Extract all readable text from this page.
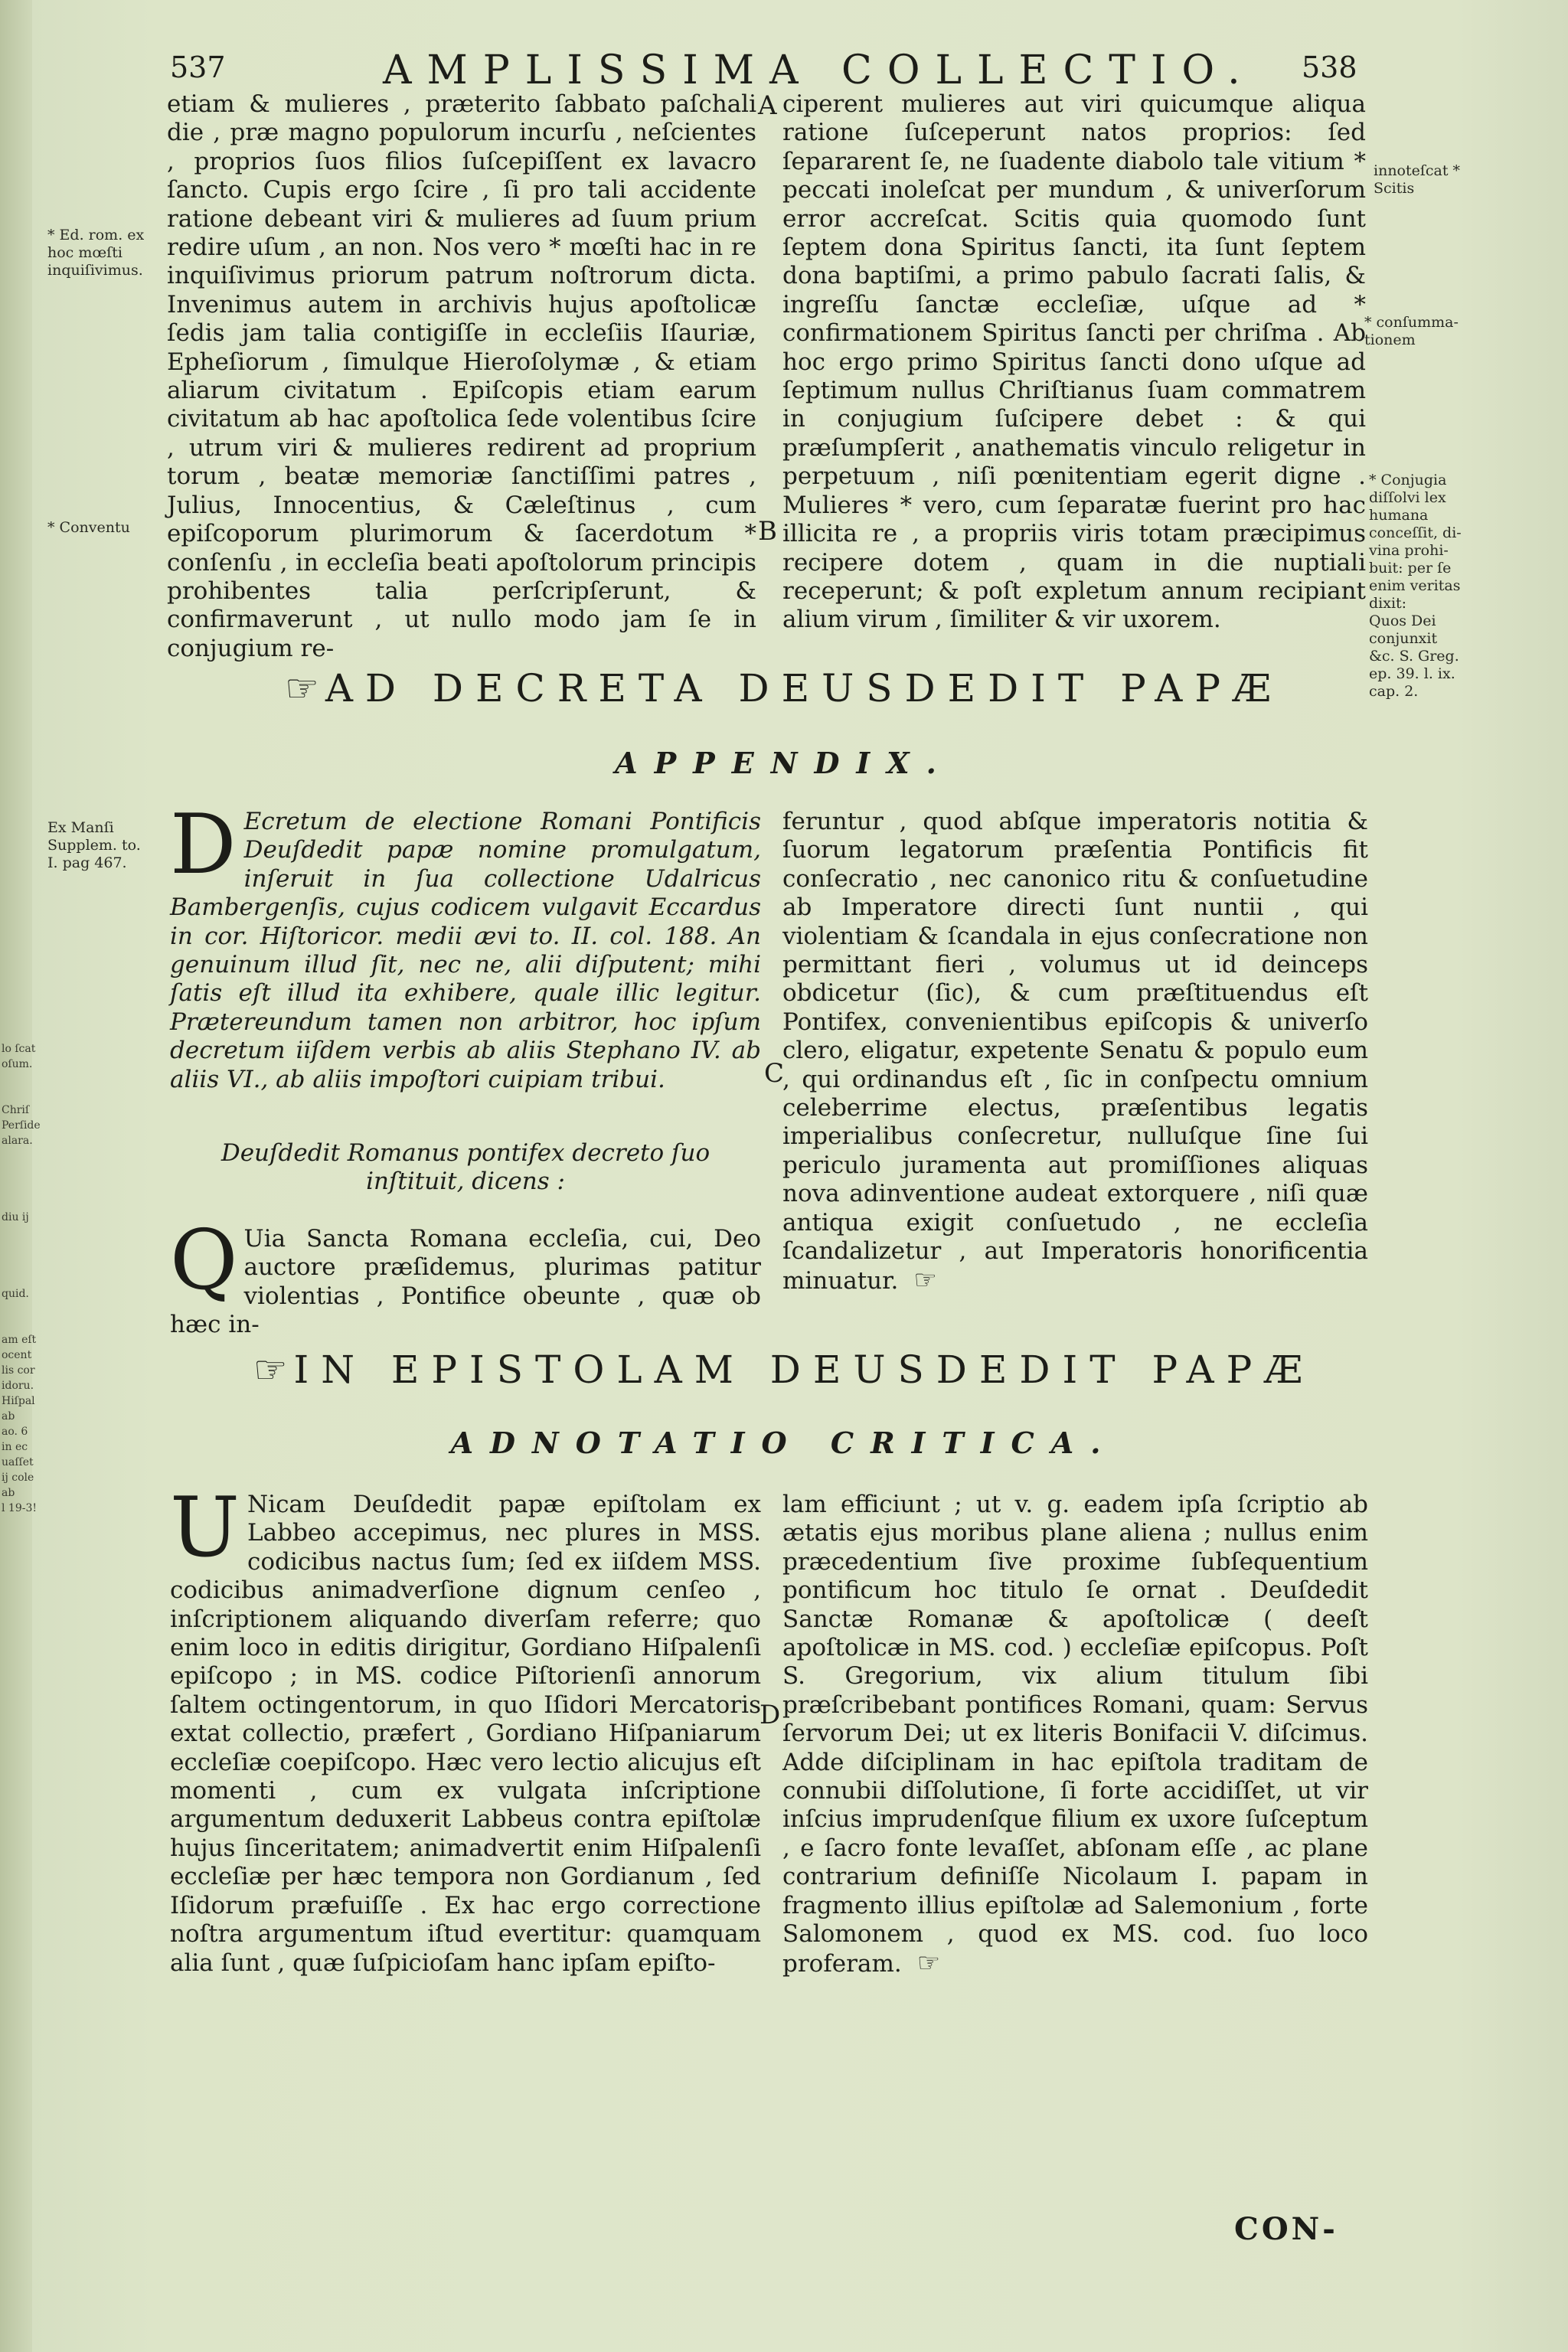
lo ſcat
oſum.

Chriſ
Perſide
alara.

diu ij

quid.

am eſt
ocent
lis cor
idoru.
Hiſpal
ab
ao. 6
in ec
uaſſet
ij cole
ab
l 19-3!
537	AMPLISSIMA COLLECTIO. 538

etiam & mulieres , præterito ſabbato paſchali die , præ magno populorum incurſu , neſcientes , proprios ſuos filios ſuſcepiſſent ex lavacro ſancto. Cupis ergo ſcire , ſi pro tali accidente ratione debeant viri & mulieres ad ſuum prium redire uſum , an non. Nos vero * mœſti hac in re inquiſivimus priorum patrum noſtrorum dicta. Invenimus autem in archivis hujus apoſtolicæ ſedis jam talia contigiſſe in eccleſiis Iſauriæ, Epheſiorum , ſimulque Hieroſolymæ , & etiam aliarum civitatum . Epiſcopis etiam earum civitatum ab hac apoſtolica ſede volentibus ſcire , utrum viri & mulieres redirent ad proprium torum , beatæ memoriæ ſanctiſſimi patres , Julius, Innocentius, & Cæleſtinus , cum epiſcoporum plurimorum & ſacerdotum * conſenſu , in eccleſia beati apoſtolorum principis prohibentes talia perſcripſerunt, & confirmaverunt , ut nullo modo jam ſe in conjugium re-

ciperent mulieres aut viri quicumque aliqua ratione ſuſceperunt natos proprios: ſed ſepararent ſe, ne ſuadente diabolo tale vitium * peccati inoleſcat per mundum , & univerſorum error accreſcat. Scitis quia quomodo ſunt ſeptem dona Spiritus ſancti, ita ſunt ſeptem dona baptiſmi, a primo pabulo ſacrati ſalis, & ingreſſu ſanctæ eccleſiæ, uſque ad * confirmationem Spiritus ſancti per chriſma . Ab hoc ergo primo Spiritus ſancti dono uſque ad ſeptimum nullus Chriſtianus ſuam commatrem in conjugium ſuſcipere debet : & qui præſumpſerit , anathematis vinculo religetur in perpetuum , niſi pœnitentiam egerit digne . Mulieres * vero, cum ſeparatæ fuerint pro hac illicita re , a propriis viris totam præcipimus recipere dotem , quam in die nuptiali receperunt; & poſt expletum annum recipiant alium virum , ſimiliter & vir uxorem.

A
B
C
D
* Ed. rom. ex
hoc mœſti
inquiſivimus.
* Conventu
innoteſcat *
Scitis
* conſumma-
tionem
* Conjugia
diſſolvi lex
humana
conceſſit, di-
vina prohi-
buit: per ſe
enim veritas
dixit:
Quos Dei
conjunxit
&c. S. Greg.
ep. 39. l. ix.
cap. 2.
Ex Manſi
Supplem. to.
I. pag 467.
☞ AD DECRETA DEUSDEDIT PAPÆ
APPENDIX.
D Ecretum de electione Romani Pontificis Deuſdedit papæ nomine promulgatum, inſeruit in ſua collectione Udalricus Bambergenſis, cujus codicem vulgavit Eccardus in cor. Hiſtoricor. medii ævi to. II. col. 188. An genuinum illud ſit, nec ne, alii diſputent; mihi ſatis eſt illud ita exhibere, quale illic legitur. Prætereundum tamen non arbitror, hoc ipſum decretum iiſdem verbis ab aliis Stephano IV. ab aliis VI., ab aliis impoſtori cuipiam tribui.
Deuſdedit Romanus pontifex decreto ſuo inſtituit, dicens :
Q Uia Sancta Romana eccleſia, cui, Deo auctore præſidemus, plurimas patitur violentias , Pontifice obeunte , quæ ob hæc in-
feruntur , quod abſque imperatoris notitia & ſuorum legatorum præſentia Pontificis fit conſecratio , nec canonico ritu & conſuetudine ab Imperatore directi ſunt nuntii , qui violentiam & ſcandala in ejus conſecratione non permittant fieri , volumus ut id deinceps obdicetur (ſic), & cum præſtituendus eſt Pontifex, convenientibus epiſcopis & univerſo clero, eligatur, expetente Senatu & populo eum , qui ordinandus eſt , ſic in conſpectu omnium celeberrime electus, præſentibus legatis imperialibus conſecretur, nulluſque ſine ſui periculo juramenta aut promiſſiones aliquas nova adinventione audeat extorquere , niſi quæ antiqua exigit conſuetudo , ne eccleſia ſcandalizetur , aut Imperatoris honorificentia minuatur. ☞
☞ IN EPISTOLAM DEUSDEDIT PAPÆ
ADNOTATIO CRITICA.
U Nicam Deuſdedit papæ epiſtolam ex Labbeo accepimus, nec plures in MSS. codicibus nactus ſum; ſed ex iiſdem MSS. codicibus animadverſione dignum cenſeo , inſcriptionem aliquando diverſam referre; quo enim loco in editis dirigitur, Gordiano Hiſpalenſi epiſcopo ; in MS. codice Piſtorienſi annorum ſaltem octingentorum, in quo Iſidori Mercatoris extat collectio, præfert , Gordiano Hiſpaniarum eccleſiæ coepiſcopo. Hæc vero lectio alicujus eſt momenti , cum ex vulgata inſcriptione argumentum deduxerit Labbeus contra epiſtolæ hujus ſinceritatem; animadvertit enim Hiſpalenſi eccleſiæ per hæc tempora non Gordianum , ſed Iſidorum præfuiſſe . Ex hac ergo correctione noſtra argumentum iſtud evertitur: quamquam alia ſunt , quæ ſuſpicioſam hanc ipſam epiſto-
lam efficiunt ; ut v. g. eadem ipſa ſcriptio ab ætatis ejus moribus plane aliena ; nullus enim præcedentium ſive proxime ſubſequentium pontificum hoc titulo ſe ornat . Deuſdedit Sanctæ Romanæ & apoſtolicæ ( deeſt apoſtolicæ in MS. cod. ) eccleſiæ epiſcopus. Poſt S. Gregorium, vix alium titulum ſibi præſcribebant pontifices Romani, quam: Servus ſervorum Dei; ut ex literis Bonifacii V. diſcimus. Adde diſciplinam in hac epiſtola traditam de connubii diſſolutione, ſi forte accidiſſet, ut vir inſcius imprudenſque filium ex uxore ſuſceptum , e ſacro fonte levaſſet, abſonam eſſe , ac plane contrarium definiſſe Nicolaum I. papam in fragmento illius epiſtolæ ad Salemonium , forte Salomonem , quod ex MS. cod. ſuo loco proferam. ☞
CON-
